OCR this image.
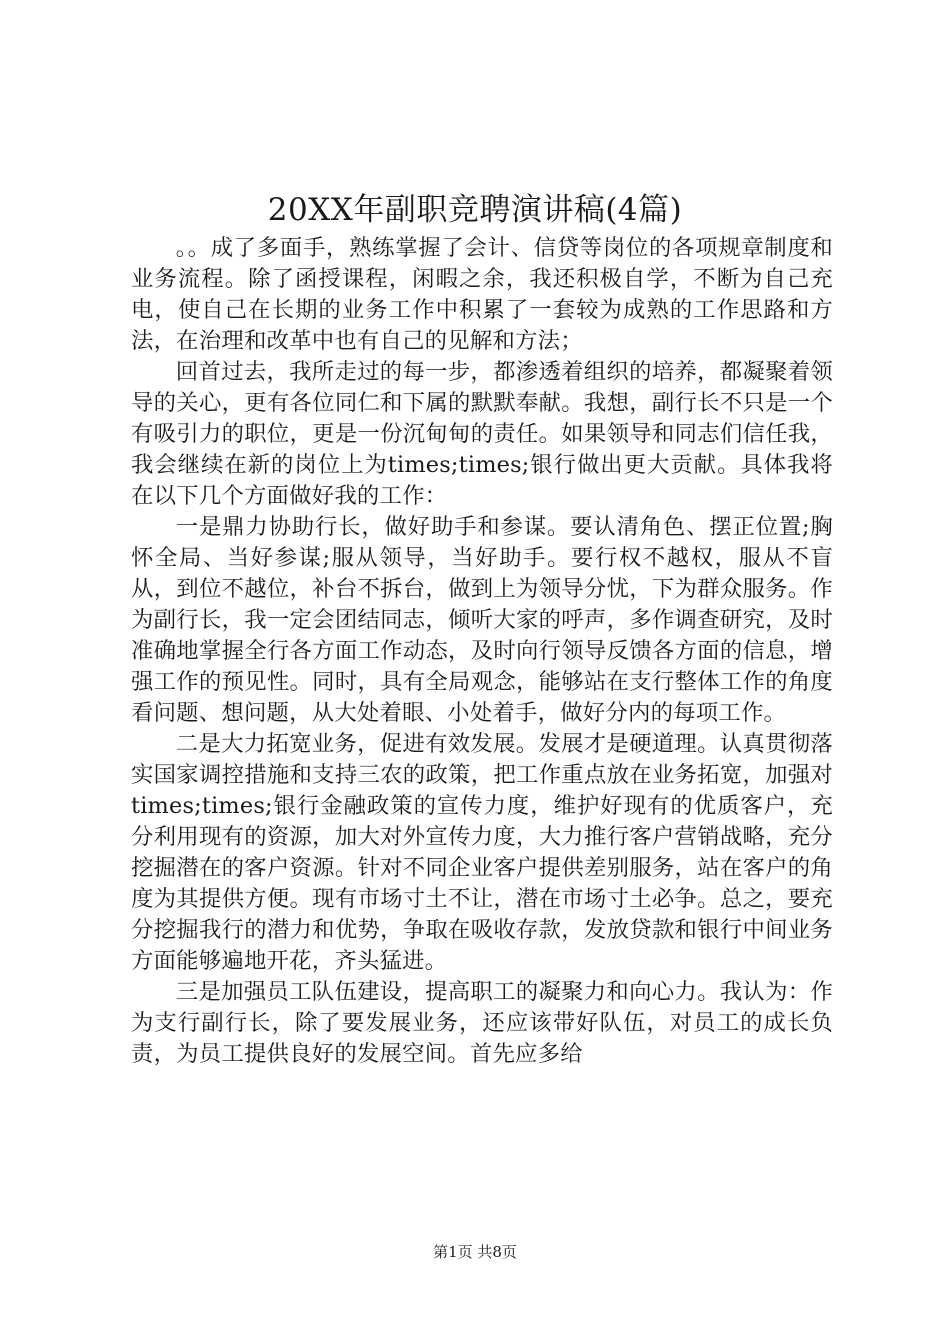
20XX年副职竞聘演讲稿(4篇)

。。成了多面手，熟练掌握了会计、信贷等岗位的各项规章制度和业务流程。除了函授课程，闲暇之余，我还积极自学，不断为自己充电，使自己在长期的业务工作中积累了一套较为成熟的工作思路和方法，在治理和改革中也有自己的见解和方法；

回首过去，我所走过的每一步，都渗透着组织的培养，都凝聚着领导的关心，更有各位同仁和下属的默默奉献。我想，副行长不只是一个有吸引力的职位，更是一份沉甸甸的责任。如果领导和同志们信任我，我会继续在新的岗位上为times;times;银行做出更大贡献。具体我将在以下几个方面做好我的工作：

一是鼎力协助行长，做好助手和参谋。要认清角色、摆正位置;胸怀全局、当好参谋;服从领导，当好助手。要行权不越权，服从不盲从，到位不越位，补台不拆台，做到上为领导分忧，下为群众服务。作为副行长，我一定会团结同志，倾听大家的呼声，多作调查研究，及时准确地掌握全行各方面工作动态，及时向行领导反馈各方面的信息，增强工作的预见性。同时，具有全局观念，能够站在支行整体工作的角度看问题、想问题，从大处着眼、小处着手，做好分内的每项工作。

二是大力拓宽业务，促进有效发展。发展才是硬道理。认真贯彻落实国家调控措施和支持三农的政策，把工作重点放在业务拓宽，加强对times;times;银行金融政策的宣传力度，维护好现有的优质客户，充分利用现有的资源，加大对外宣传力度，大力推行客户营销战略，充分挖掘潜在的客户资源。针对不同企业客户提供差别服务，站在客户的角度为其提供方便。现有市场寸土不让，潜在市场寸土必争。总之，要充分挖掘我行的潜力和优势，争取在吸收存款，发放贷款和银行中间业务方面能够遍地开花，齐头猛进。

三是加强员工队伍建设，提高职工的凝聚力和向心力。我认为：作为支行副行长，除了要发展业务，还应该带好队伍，对员工的成长负责，为员工提供良好的发展空间。首先应多给

第1页 共8页
